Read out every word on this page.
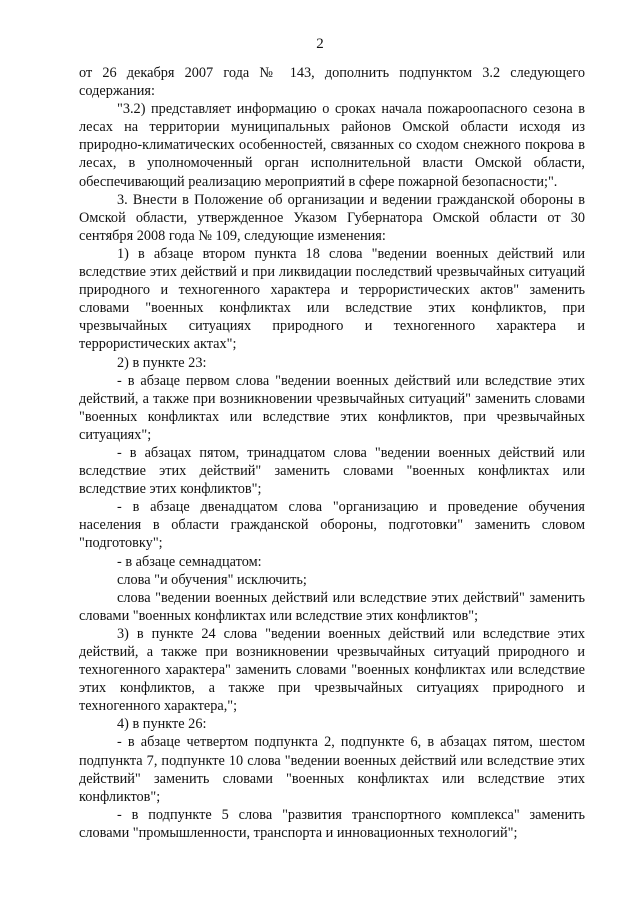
2

от 26 декабря 2007 года № 143, дополнить подпунктом 3.2 следующего содержания:

"3.2) представляет информацию о сроках начала пожароопасного сезона в лесах на территории муниципальных районов Омской области исходя из природно-климатических особенностей, связанных со сходом снежного покрова в лесах, в уполномоченный орган исполнительной власти Омской области, обеспечивающий реализацию мероприятий в сфере пожарной безопасности;".

3. Внести в Положение об организации и ведении гражданской обороны в Омской области, утвержденное Указом Губернатора Омской области от 30 сентября 2008 года № 109, следующие изменения:

1) в абзаце втором пункта 18 слова "ведении военных действий или вследствие этих действий и при ликвидации последствий чрезвычайных ситуаций природного и техногенного характера и террористических актов" заменить словами "военных конфликтах или вследствие этих конфликтов, при чрезвычайных ситуациях природного и техногенного характера и террористических актах";

2) в пункте 23:

- в абзаце первом слова "ведении военных действий или вследствие этих действий, а также при возникновении чрезвычайных ситуаций" заменить словами "военных конфликтах или вследствие этих конфликтов, при чрезвычайных ситуациях";

- в абзацах пятом, тринадцатом слова "ведении военных действий или вследствие этих действий" заменить словами "военных конфликтах или вследствие этих конфликтов";

- в абзаце двенадцатом слова "организацию и проведение обучения населения в области гражданской обороны, подготовки" заменить словом "подготовку";

- в абзаце семнадцатом:

слова "и обучения" исключить;

слова "ведении военных действий или вследствие этих действий" заменить словами "военных конфликтах или вследствие этих конфликтов";

3) в пункте 24 слова "ведении военных действий или вследствие этих действий, а также при возникновении чрезвычайных ситуаций природного и техногенного характера" заменить словами "военных конфликтах или вследствие этих конфликтов, а также при чрезвычайных ситуациях природного и техногенного характера,";

4) в пункте 26:

- в абзаце четвертом подпункта 2, подпункте 6, в абзацах пятом, шестом подпункта 7, подпункте 10 слова "ведении военных действий или вследствие этих действий" заменить словами "военных конфликтах или вследствие этих конфликтов";

- в подпункте 5 слова "развития транспортного комплекса" заменить словами "промышленности, транспорта и инновационных технологий";
